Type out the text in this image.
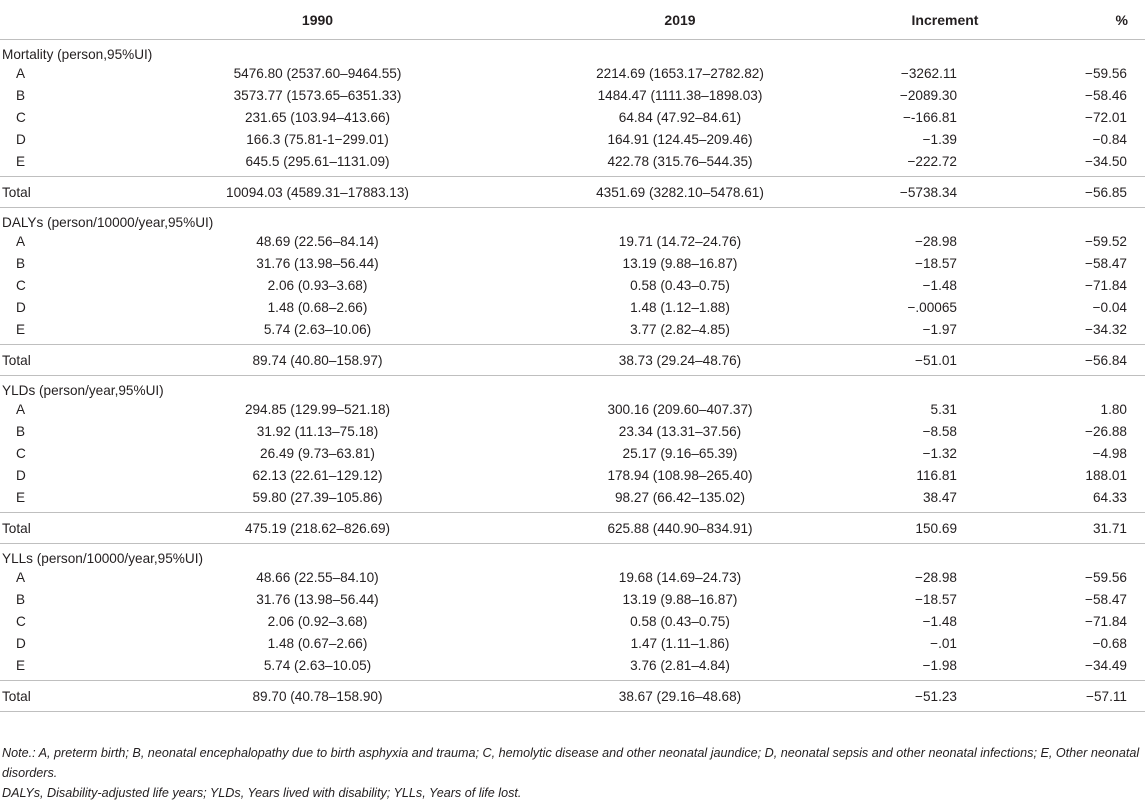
	1990	2019	Increment	%
Mortality (person,95%UI)				
A	5476.80 (2537.60–9464.55)	2214.69 (1653.17–2782.82)	−3262.11	−59.56
B	3573.77 (1573.65–6351.33)	1484.47 (1111.38–1898.03)	−2089.30	−58.46
C	231.65 (103.94–413.66)	64.84 (47.92–84.61)	−-166.81	−72.01
D	166.3 (75.81-1−299.01)	164.91 (124.45–209.46)	−1.39	−0.84
E	645.5 (295.61–1131.09)	422.78 (315.76–544.35)	−222.72	−34.50
Total	10094.03 (4589.31–17883.13)	4351.69 (3282.10–5478.61)	−5738.34	−56.85
DALYs (person/10000/year,95%UI)				
A	48.69 (22.56–84.14)	19.71 (14.72–24.76)	−28.98	−59.52
B	31.76 (13.98–56.44)	13.19 (9.88–16.87)	−18.57	−58.47
C	2.06 (0.93–3.68)	0.58 (0.43–0.75)	−1.48	−71.84
D	1.48 (0.68–2.66)	1.48 (1.12–1.88)	−.00065	−0.04
E	5.74 (2.63–10.06)	3.77 (2.82–4.85)	−1.97	−34.32
Total	89.74 (40.80–158.97)	38.73 (29.24–48.76)	−51.01	−56.84
YLDs (person/year,95%UI)				
A	294.85 (129.99–521.18)	300.16 (209.60–407.37)	5.31	1.80
B	31.92 (11.13–75.18)	23.34 (13.31–37.56)	−8.58	−26.88
C	26.49 (9.73–63.81)	25.17 (9.16–65.39)	−1.32	−4.98
D	62.13 (22.61–129.12)	178.94 (108.98–265.40)	116.81	188.01
E	59.80 (27.39–105.86)	98.27 (66.42–135.02)	38.47	64.33
Total	475.19 (218.62–826.69)	625.88 (440.90–834.91)	150.69	31.71
YLLs (person/10000/year,95%UI)				
A	48.66 (22.55–84.10)	19.68 (14.69–24.73)	−28.98	−59.56
B	31.76 (13.98–56.44)	13.19 (9.88–16.87)	−18.57	−58.47
C	2.06 (0.92–3.68)	0.58 (0.43–0.75)	−1.48	−71.84
D	1.48 (0.67–2.66)	1.47 (1.11–1.86)	−.01	−0.68
E	5.74 (2.63–10.05)	3.76 (2.81–4.84)	−1.98	−34.49
Total	89.70 (40.78–158.90)	38.67 (29.16–48.68)	−51.23	−57.11

Note.: A, preterm birth; B, neonatal encephalopathy due to birth asphyxia and trauma; C, hemolytic disease and other neonatal jaundice; D, neonatal sepsis and other neonatal infections; E, Other neonatal disorders.

DALYs, Disability-adjusted life years; YLDs, Years lived with disability; YLLs, Years of life lost.
